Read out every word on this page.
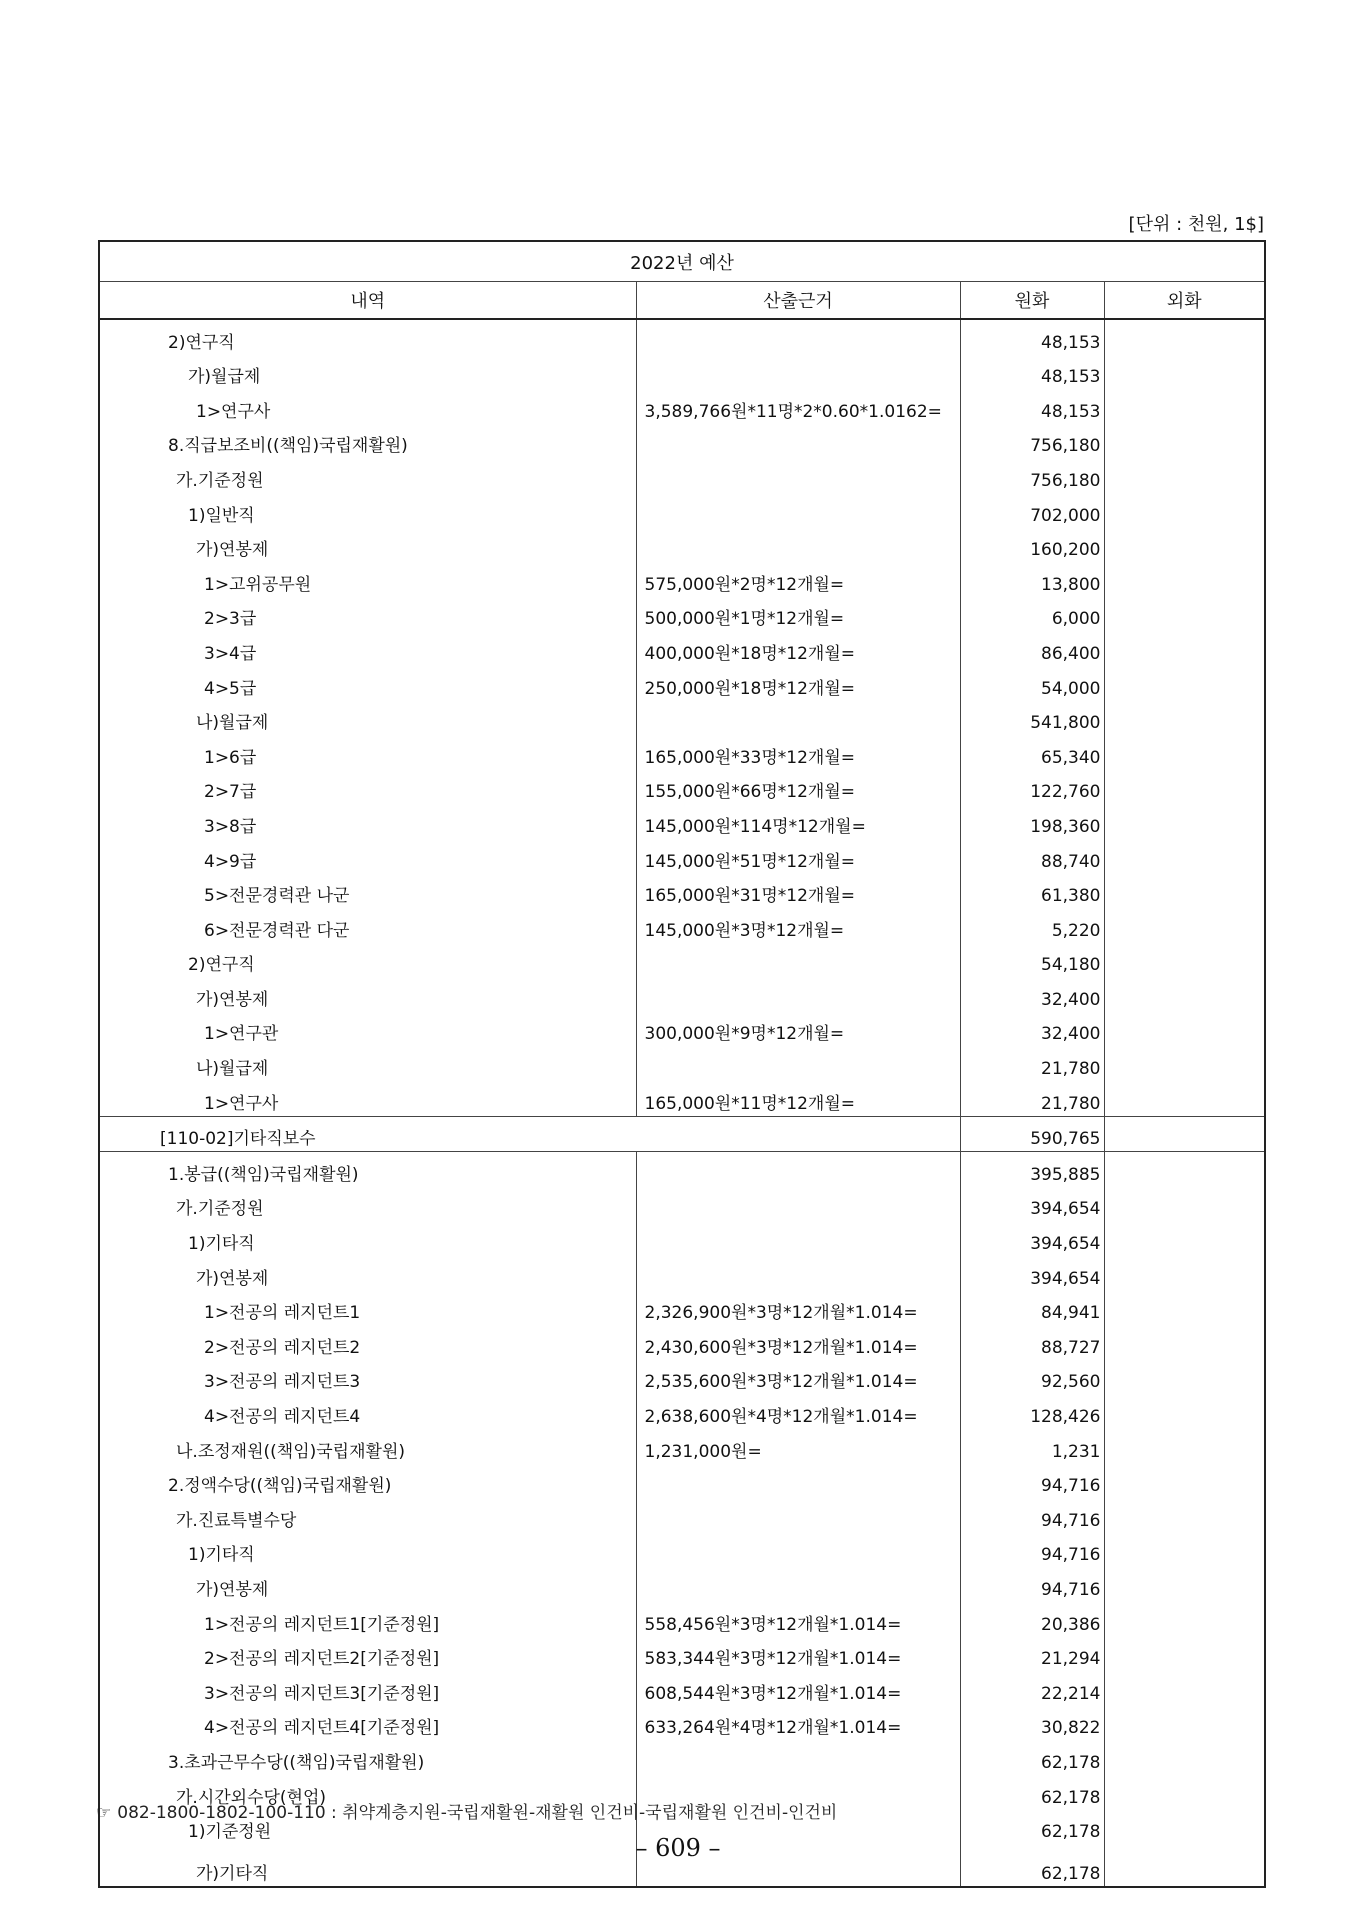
[단위 : 천원, 1$]
2022년 예산			
내역	산출근거	원화	외화
2)연구직		48,153	
가)월급제		48,153	
1>연구사	3,589,766원*11명*2*0.60*1.0162=	48,153	
8.직급보조비((책임)국립재활원)		756,180	
가.기준정원		756,180	
1)일반직		702,000	
가)연봉제		160,200	
1>고위공무원	575,000원*2명*12개월=	13,800	
2>3급	500,000원*1명*12개월=	6,000	
3>4급	400,000원*18명*12개월=	86,400	
4>5급	250,000원*18명*12개월=	54,000	
나)월급제		541,800	
1>6급	165,000원*33명*12개월=	65,340	
2>7급	155,000원*66명*12개월=	122,760	
3>8급	145,000원*114명*12개월=	198,360	
4>9급	145,000원*51명*12개월=	88,740	
5>전문경력관 나군	165,000원*31명*12개월=	61,380	
6>전문경력관 다군	145,000원*3명*12개월=	5,220	
2)연구직		54,180	
가)연봉제		32,400	
1>연구관	300,000원*9명*12개월=	32,400	
나)월급제		21,780	
1>연구사	165,000원*11명*12개월=	21,780	
[110-02]기타직보수		590,765	
1.봉급((책임)국립재활원)		395,885	
가.기준정원		394,654	
1)기타직		394,654	
가)연봉제		394,654	
1>전공의 레지던트1	2,326,900원*3명*12개월*1.014=	84,941	
2>전공의 레지던트2	2,430,600원*3명*12개월*1.014=	88,727	
3>전공의 레지던트3	2,535,600원*3명*12개월*1.014=	92,560	
4>전공의 레지던트4	2,638,600원*4명*12개월*1.014=	128,426	
나.조정재원((책임)국립재활원)	1,231,000원=	1,231	
2.정액수당((책임)국립재활원)		94,716	
가.진료특별수당		94,716	
1)기타직		94,716	
가)연봉제		94,716	
1>전공의 레지던트1[기준정원]	558,456원*3명*12개월*1.014=	20,386	
2>전공의 레지던트2[기준정원]	583,344원*3명*12개월*1.014=	21,294	
3>전공의 레지던트3[기준정원]	608,544원*3명*12개월*1.014=	22,214	
4>전공의 레지던트4[기준정원]	633,264원*4명*12개월*1.014=	30,822	
3.초과근무수당((책임)국립재활원)		62,178	
가.시간외수당(현업)		62,178	
1)기준정원		62,178	
가)기타직		62,178	
☞ 082-1800-1802-100-110 : 취약계층지원-국립재활원-재활원 인건비-국립재활원 인건비-인건비
– 609 –
